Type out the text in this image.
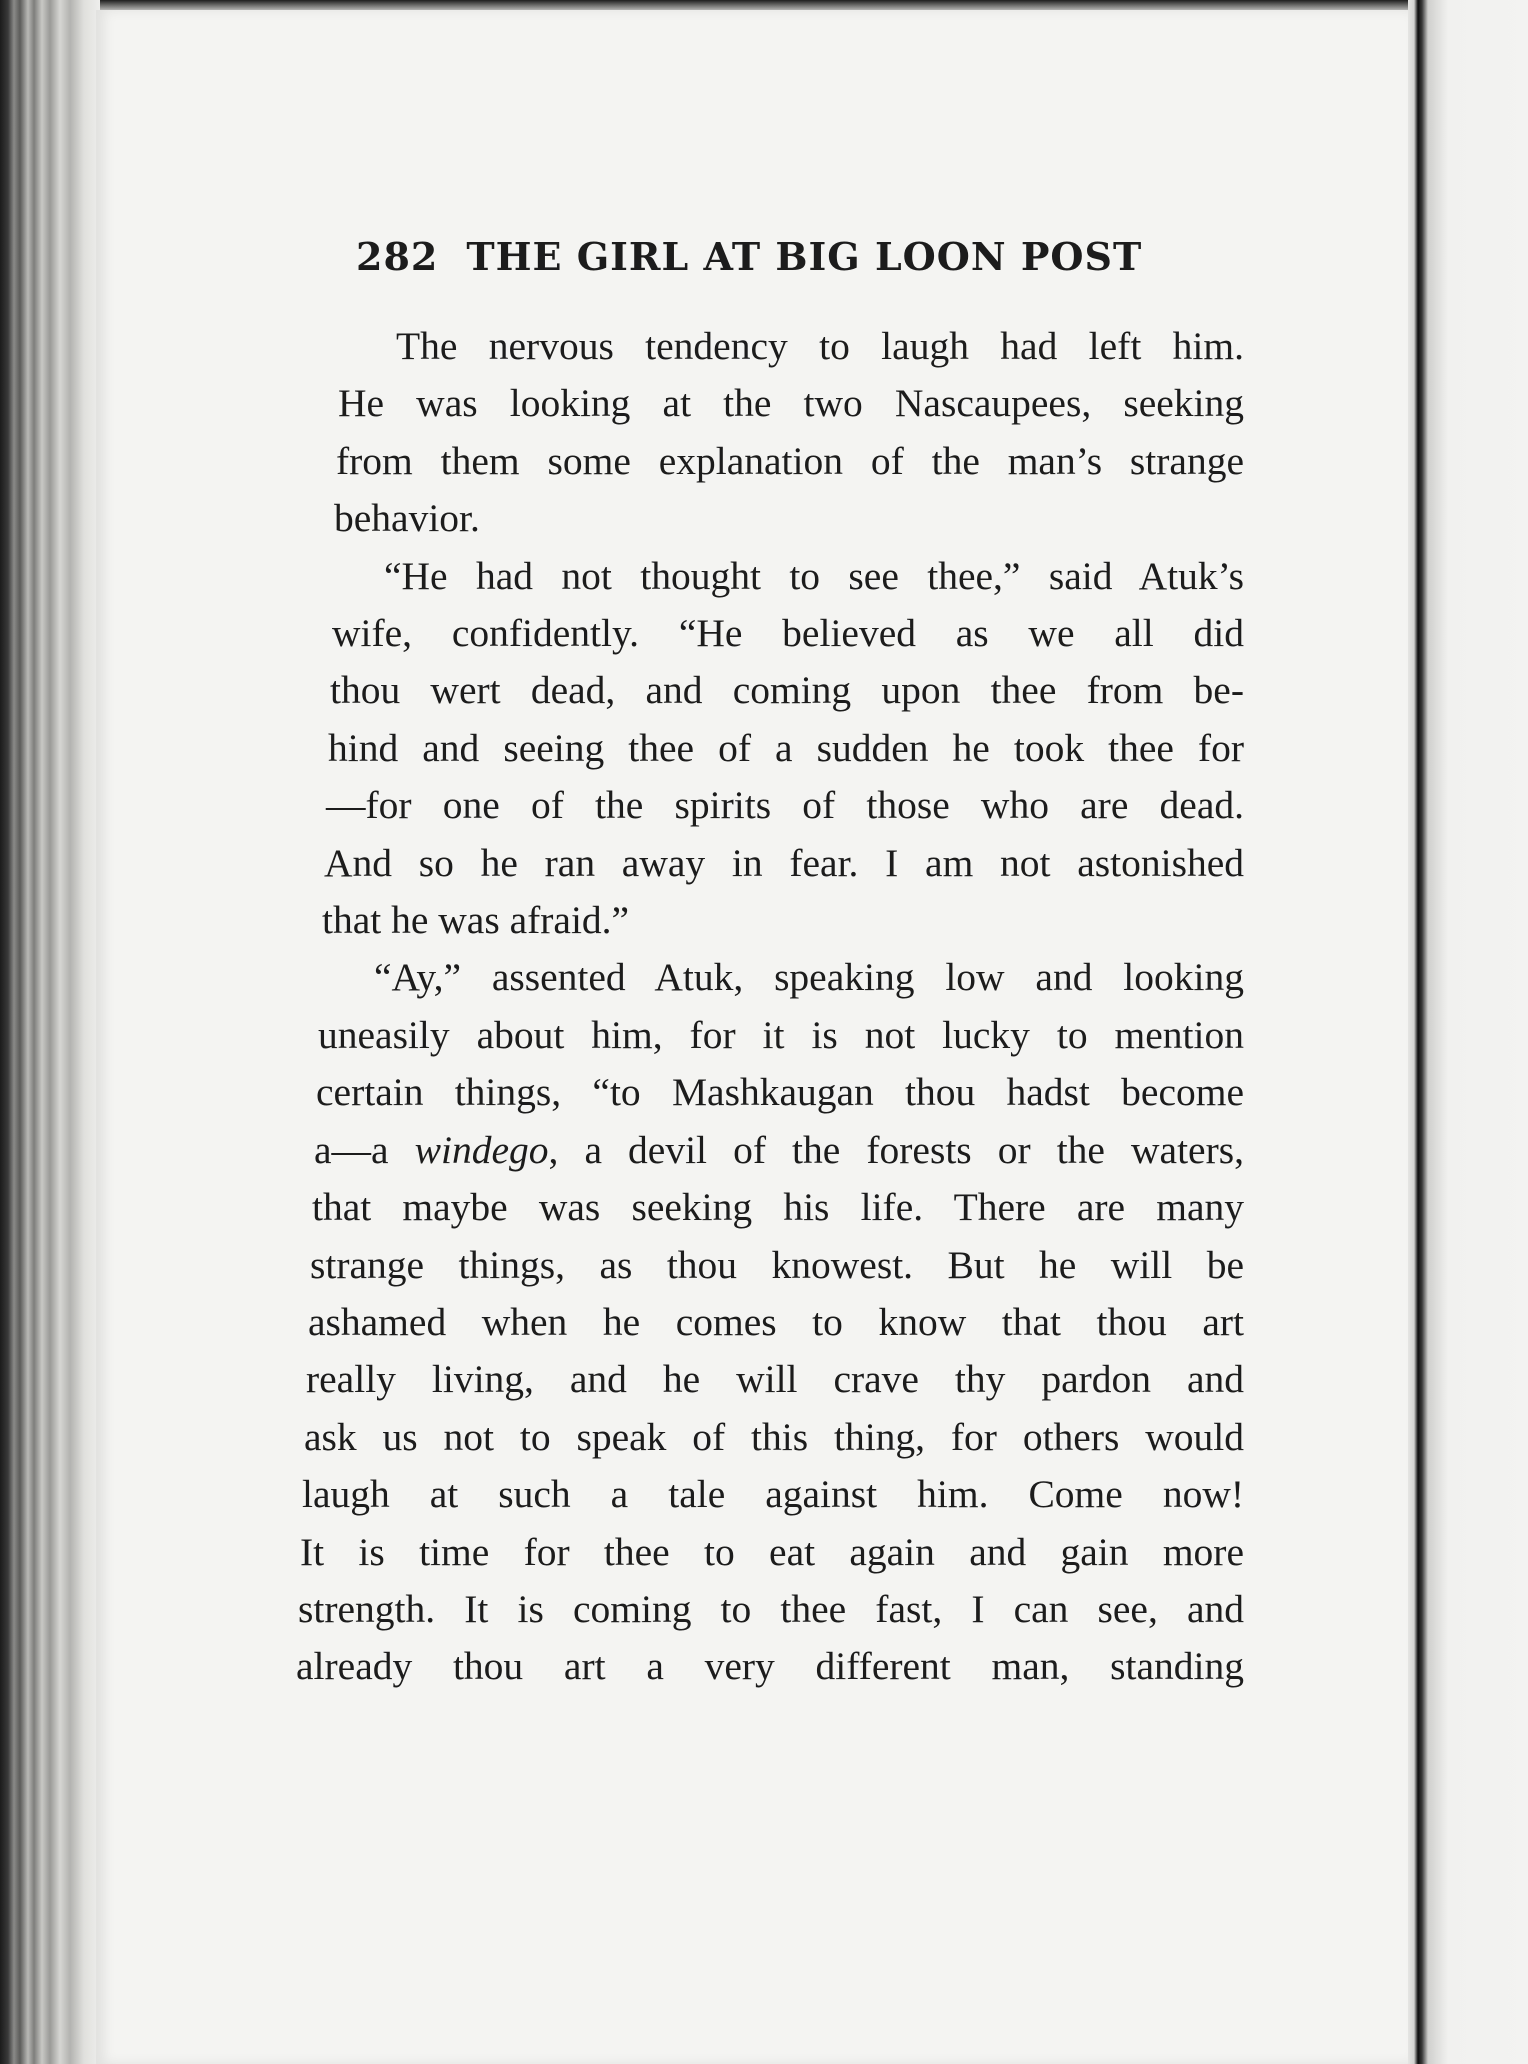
282 THE GIRL AT BIG LOON POST
The nervous tendency to laugh had left him.
He was looking at the two Nascaupees, seeking
from them some explanation of the man’s strange
behavior.
“He had not thought to see thee,” said Atuk’s
wife, confidently. “He believed as we all did
thou wert dead, and coming upon thee from be-
hind and seeing thee of a sudden he took thee for
—for one of the spirits of those who are dead.
And so he ran away in fear. I am not astonished
that he was afraid.”
“Ay,” assented Atuk, speaking low and looking
uneasily about him, for it is not lucky to mention
certain things, “to Mashkaugan thou hadst become
a—a windego, a devil of the forests or the waters,
that maybe was seeking his life. There are many
strange things, as thou knowest. But he will be
ashamed when he comes to know that thou art
really living, and he will crave thy pardon and
ask us not to speak of this thing, for others would
laugh at such a tale against him. Come now!
It is time for thee to eat again and gain more
strength. It is coming to thee fast, I can see, and
already thou art a very different man, standing
